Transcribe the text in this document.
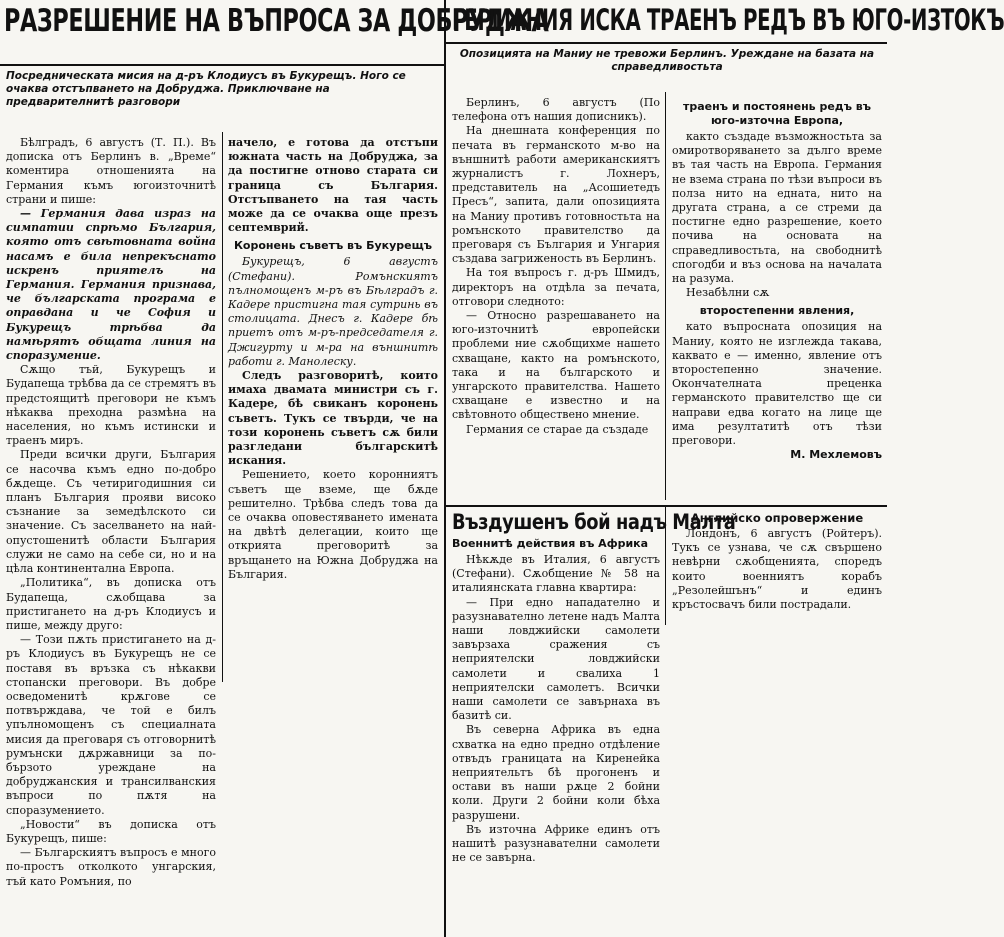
РАЗРЕШЕНИЕ НА ВЪПРОСА ЗА ДОБРУДЖА
Посредническата мисия на д-ръ Клодиусъ въ Букурещъ. Ного се очаква отстъпването на Добруджа. Приключване на предварителнитѣ разговори

Бѣлградъ, 6 августъ (Т. П.). Въ дописка отъ Берлинъ в. „Време“ коментира отношенията на Германия къмъ югоизточнитѣ страни и пише:

— Германия дава израз на симпатии спрѣмо България, която отъ свѣтовната война насамъ е била непрекъснато искренъ приятелъ на Германия. Германия признава, че българската програма е оправдана и че София и Букурещъ трѣбва да намѣрятъ общата линия на споразумение.

Сѫщо тъй, Букурещъ и Будапеща трѣбва да се стремятъ въ предстоящитѣ преговори не къмъ нѣкаква преходна размѣна на населения, но къмъ истински и траенъ миръ.

Преди всички други, България се насочва къмъ едно по-добро бѫдеще. Съ четиригодишния си планъ България прояви високо съзнание за земедѣлското си значение. Съ заселването на най-опустошенитѣ области България служи не само на себе си, но и на цѣла континентална Европа.

„Политика“, въ дописка отъ Будапеща, сѫобщава за пристигането на д-ръ Клодиусъ и пише, между друго:

— Този пѫть пристигането на д-ръ Клодиусъ въ Букурещъ не се поставя въ връзка съ нѣкакви стопански преговори. Въ добре осведоменитѣ крѫгове се потвърждава, че той е билъ упълномощенъ съ специалната мисия да преговаря съ отговорнитѣ румънски дѫржавници за по-бързото уреждане на добруджанския и трансилванския въпроси по пѫтя на споразумението.

„Новости“ въ дописка отъ Букурещъ, пише:

— Българскиятъ въпросъ е много по-простъ отколкото унгарския, тъй като Ромъния, по

начело, е готова да отстъпи южната часть на Добруджа, за да постигне отново старата си граница съ България. Отстъпването на тая часть може да се очаква още презъ септемврий.

Коронень съветъ въ Букурещъ

Букурещъ, 6 августъ (Стефани). Ромънскиятъ пълномощенъ м-ръ въ Бѣлградъ г. Кадере пристигна тая сутринь въ столицата. Днесъ г. Кадере бѣ приетъ отъ м-ръ-председателя г. Джигурту и м-ра на външнитѣ работи г. Манолеску.

Следъ разговоритѣ, които имаха двамата министри съ г. Кадере, бѣ свиканъ коронень съветъ. Тукъ се твърди, че на този коронень съветъ сѫ били разгледани българскитѣ искания.

Решението, което коронниятъ съветъ ще вземе, ще бѫде решително. Трѣбва следъ това да се очаква оповестяването имената на двѣтѣ делегации, които ще открията преговоритѣ за връщането на Южна Добруджа на България.

ГЕРМАНИЯ ИСКА ТРАЕНЪ РЕДЪ ВЪ ЮГО-ИЗТОКЪ
Опозицията на Маниу не тревожи Берлинъ. Уреждане на базата на справедливостьта

Берлинъ, 6 августъ (По телефона отъ нашия дописникъ).

На днешната конференция по печата въ германското м-во на външнитѣ работи американскиятъ журналистъ г. Лохнеръ, представитель на „Асошиетедъ Пресъ“, запита, дали опозицията на Маниу противъ готовностьта на ромънското правителство да преговаря съ България и Унгария създава загриженость въ Берлинъ.

На тоя въпросъ г. д-ръ Шмидъ, директоръ на отдѣла за печата, отговори следното:

— Относно разрешаването на юго-източнитѣ европейски проблеми ние сѫобщихме нашето схващане, както на ромънското, така и на българското и унгарското правителства. Нашето схващане е известно и на свѣтовното обществено мнение.

Германия се старае да създаде

траенъ и постоянень редъ въ юго-източна Европа,

както създаде възможностьта за омиротворяването за дълго време въ тая часть на Европа. Германия не взема страна по тѣзи въпроси въ полза нито на едната, нито на другата страна, а се стреми да постигне едно разрешение, което почива на основата на справедливостьта, на свободнитѣ спогодби и въз основа на началата на разума.

Незабѣлни сѫ

второстепенни явления,

като въпросната опозиция на Маниу, която не изглежда такава, каквато е — именно, явление отъ второстепенно значение. Окончателната преценка германското правителство ще си направи едва когато на лице ще има резултатитѣ отъ тѣзи преговори.

М. Мехлемовъ
Въздушенъ бой надъ Малта
Военнитѣ действия въ Африка

Нѣкѫде въ Италия, 6 августъ (Стефани). Сѫобщение № 58 на италиянската главна квартира:

— При едно нападателно и разузнавателно летене надъ Малта наши ловджийски самолети завързаха сражения съ неприятелски ловджийски самолети и свалиха 1 неприятелски самолетъ. Всички наши самолети се завърнаха въ базитѣ си.

Въ северна Африка въ една схватка на едно предно отдѣление отвъдъ границата на Киренейка неприятельтъ бѣ прогоненъ и остави въ наши рѫце 2 бойни коли. Други 2 бойни коли бѣха разрушени.

Въ източна Африке единъ отъ нашитѣ разузнавателни самолети не се завърна.

Английско опровержение

Лондонъ, 6 августъ (Ройтеръ). Тукъ се узнава, че сѫ свършено невѣрни сѫобщенията, споредъ които военниятъ корабъ „Резолейшънъ“ и единъ кръстосвачъ били пострадали.
